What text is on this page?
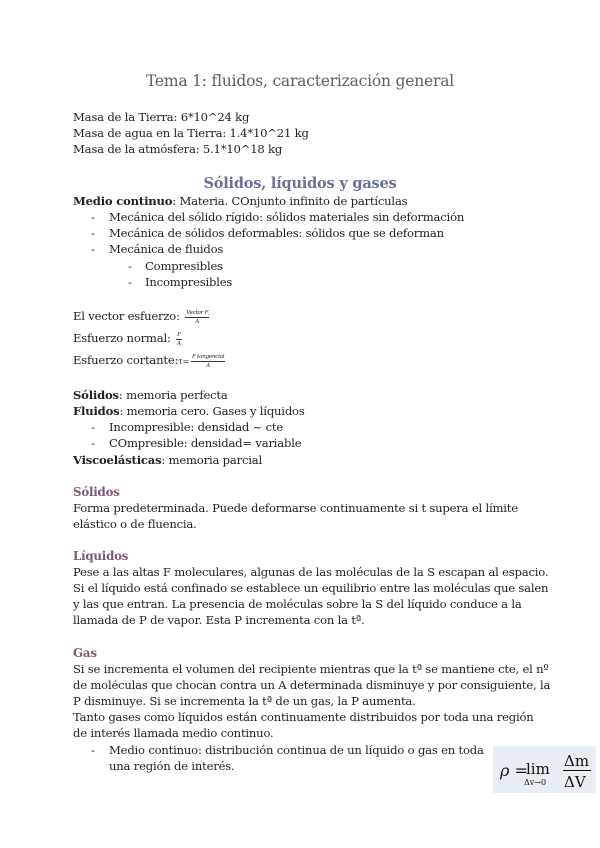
Tema 1: fluidos, caracterización general
Masa de la Tierra: 6*10^24 kg
Masa de agua en la Tierra: 1.4*10^21 kg
Masa de la atmósfera: 5.1*10^18 kg
Sólidos, líquidos y gases
Medio continuo: Materia. COnjunto infinito de partículas
- Mecánica del sólido rígido: sólidos materiales sin deformación
- Mecánica de sólidos deformables: sólidos que se deforman
- Mecánica de fluidos
- Compresibles
- Incompresibles
El vector esfuerzo: $\frac{\text{Vector F}}{A}$
Esfuerzo normal: $\frac{F}{A}$
Esfuerzo cortante:τ= $\frac{\text{F tangencial}}{A}$
Sólidos: memoria perfecta
Fluidos: memoria cero. Gases y líquidos
- Incompresible: densidad ~ cte
- COmpresible: densidad= variable
Viscoelásticas: memoria parcial
Sólidos
Forma predeterminada. Puede deformarse continuamente si t supera el límite
elástico o de fluencia.
Líquidos
Pese a las altas F moleculares, algunas de las moléculas de la S escapan al espacio.
Si el líquido está confinado se establece un equilibrio entre las moléculas que salen
y las que entran. La presencia de moléculas sobre la S del líquido conduce a la
llamada de P de vapor. Esta P incrementa con la tª.
Gas
Si se incrementa el volumen del recipiente mientras que la tª se mantiene cte, el nº
de moléculas que chocan contra un A determinada disminuye y por consiguiente, la
P disminuye. Si se incrementa la tª de un gas, la P aumenta.
Tanto gases como líquidos están continuamente distribuidos por toda una región
de interés llamada medio continuo.
- Medio continuo: distribución continua de un líquido o gas en toda
una región de interés.	ρ =
lim
Δv→0
Δm
ΔV
